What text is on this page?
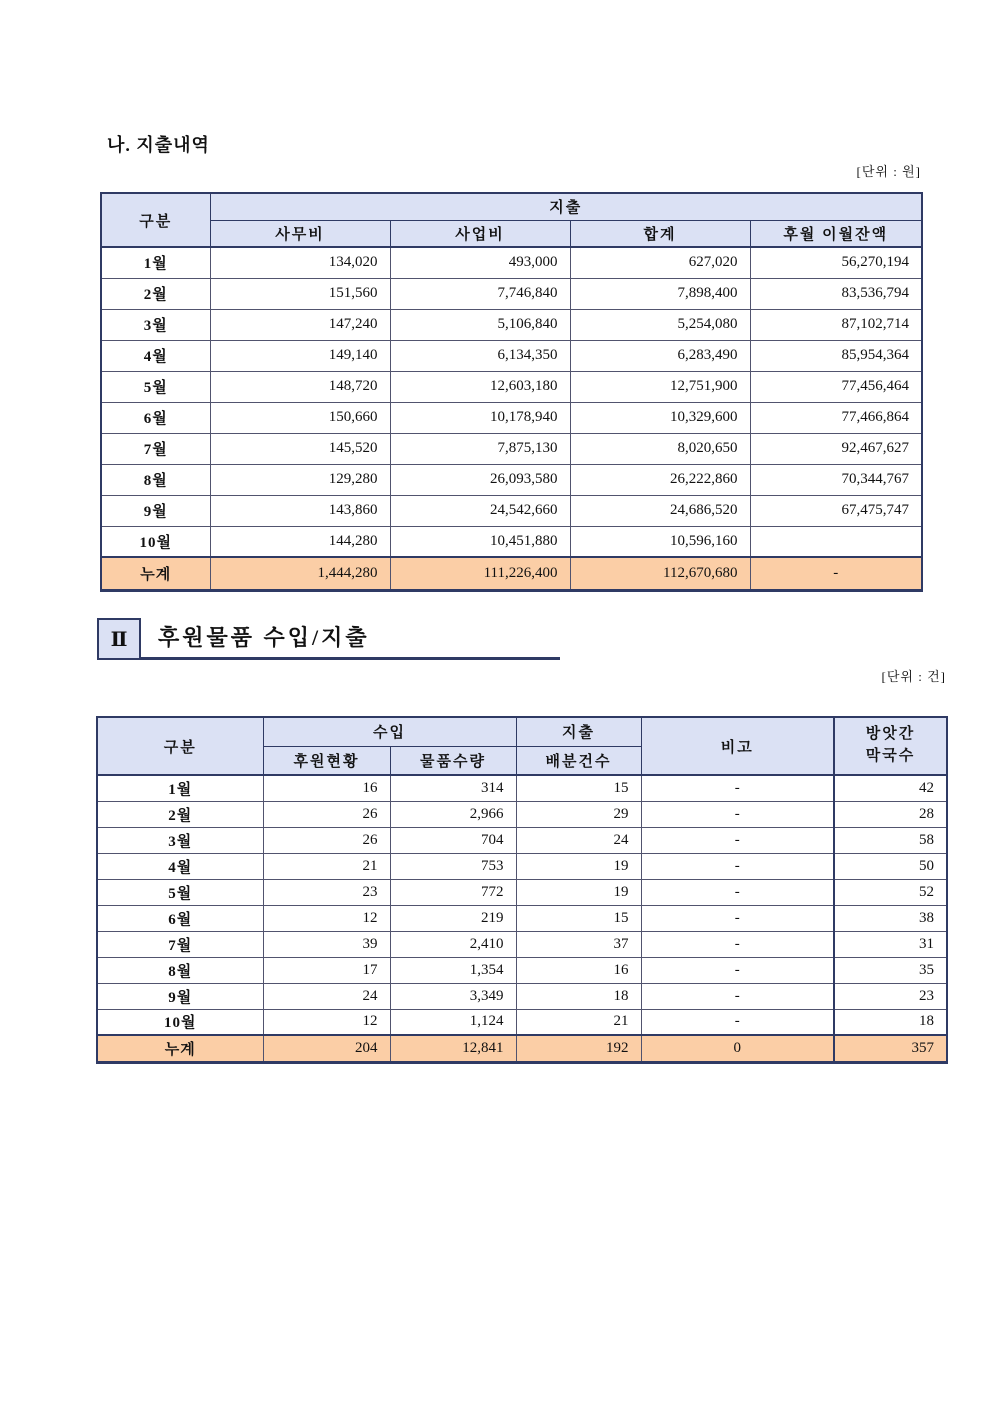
나. 지출내역
[단위 : 원]
구분	지출			
	사무비	사업비	합계	후월 이월잔액
1월	134,020	493,000	627,020	56,270,194
2월	151,560	7,746,840	7,898,400	83,536,794
3월	147,240	5,106,840	5,254,080	87,102,714
4월	149,140	6,134,350	6,283,490	85,954,364
5월	148,720	12,603,180	12,751,900	77,456,464
6월	150,660	10,178,940	10,329,600	77,466,864
7월	145,520	7,875,130	8,020,650	92,467,627
8월	129,280	26,093,580	26,222,860	70,344,767
9월	143,860	24,542,660	24,686,520	67,475,747
10월	144,280	10,451,880	10,596,160	
누계	1,444,280	111,226,400	112,670,680	-
Ⅱ 후원물품 수입/지출
[단위 : 건]
구분	수입		지출	비고	방앗간
막국수

	후원현황	물품수량	배분건수		
1월	16	314	15	-	42
2월	26	2,966	29	-	28
3월	26	704	24	-	58
4월	21	753	19	-	50
5월	23	772	19	-	52
6월	12	219	15	-	38
7월	39	2,410	37	-	31
8월	17	1,354	16	-	35
9월	24	3,349	18	-	23
10월	12	1,124	21	-	18
누계	204	12,841	192	0	357
